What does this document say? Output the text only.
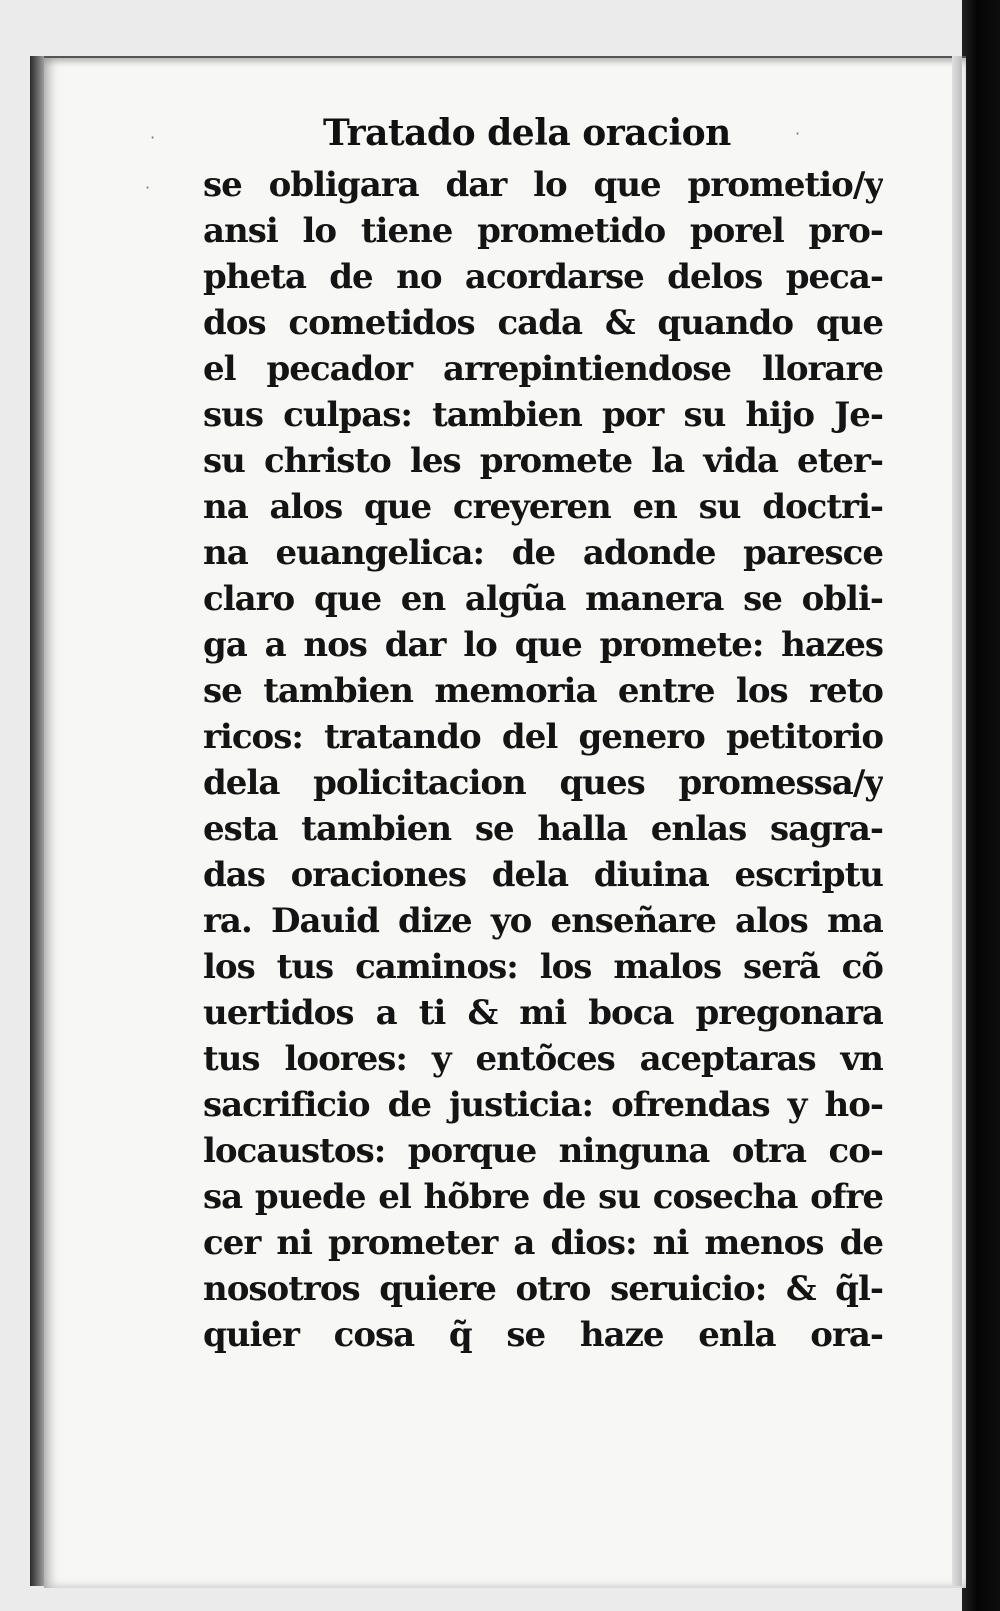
·	·
·
Tratado dela oracion
se obligara dar lo que prometio/y
ansi lo tiene prometido porel pro-
pheta de no acordarse delos peca-
dos cometidos cada & quando que
el pecador arrepintiendose llorare
sus culpas: tambien por su hijo Je-
su christo les promete la vida eter-
na alos que creyeren en su doctri-
na euangelica: de adonde paresce
claro que en algũa manera se obli-
ga a nos dar lo que promete: hazes
se tambien memoria entre los reto
ricos: tratando del genero petitorio
dela policitacion ques promessa/y
esta tambien se halla enlas sagra-
das oraciones dela diuina escriptu
ra. Dauid dize yo enseñare alos ma
los tus caminos: los malos serã cõ
uertidos a ti & mi boca pregonara
tus loores: y entõces aceptaras vn
sacrificio de justicia: ofrendas y ho-
locaustos: porque ninguna otra co-
sa puede el hõbre de su cosecha ofre
cer ni prometer a dios: ni menos de
nosotros quiere otro seruicio: & q̃l-
quier cosa q̃ se haze enla ora-
